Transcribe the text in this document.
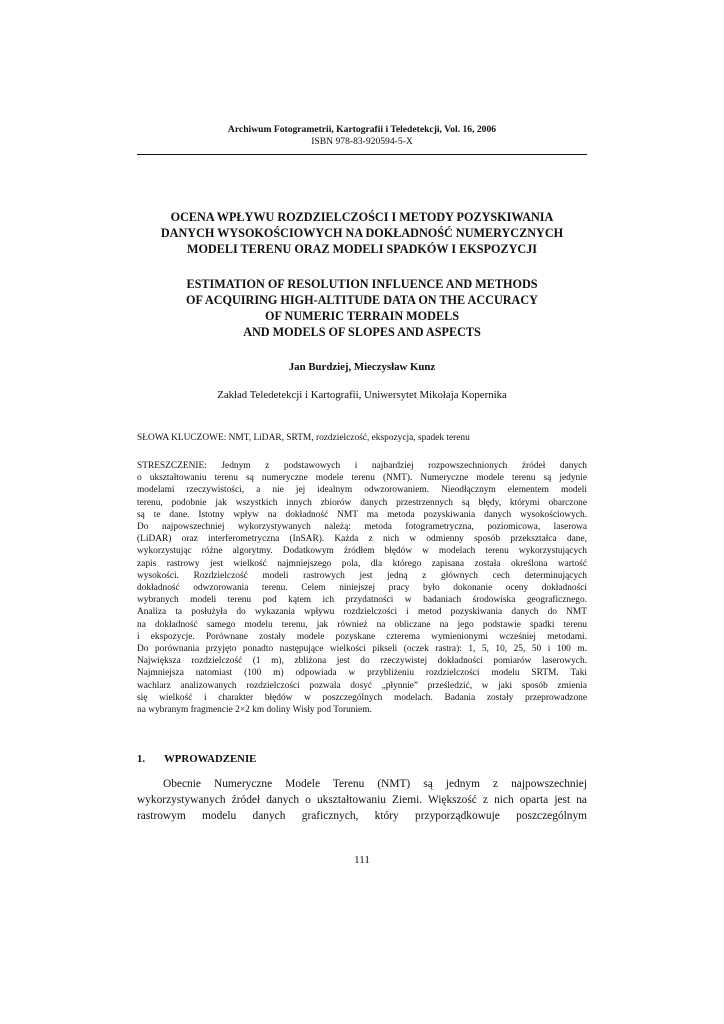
Archiwum Fotogrametrii, Kartografii i Teledetekcji, Vol. 16, 2006
ISBN 978-83-920594-5-X
OCENA WPŁYWU ROZDZIELCZOŚCI I METODY POZYSKIWANIA
DANYCH WYSOKOŚCIOWYCH NA DOKŁADNOŚĆ NUMERYCZNYCH
MODELI TERENU ORAZ MODELI SPADKÓW I EKSPOZYCJI
ESTIMATION OF RESOLUTION INFLUENCE AND METHODS
OF ACQUIRING HIGH-ALTITUDE DATA ON THE ACCURACY
OF NUMERIC TERRAIN MODELS
AND MODELS OF SLOPES AND ASPECTS
Jan Burdziej, Mieczysław Kunz
Zakład Teledetekcji i Kartografii, Uniwersytet Mikołaja Kopernika
SŁOWA KLUCZOWE: NMT, LiDAR, SRTM, rozdzielczość, ekspozycja, spadek terenu
STRESZCZENIE: Jednym z podstawowych i najbardziej rozpowszechnionych źródeł danych
o ukształtowaniu terenu są numeryczne modele terenu (NMT). Numeryczne modele terenu są jedynie
modelami rzeczywistości, a nie jej idealnym odwzorowaniem. Nieodłącznym elementem modeli
terenu, podobnie jak wszystkich innych zbiorów danych przestrzennych są błędy, którymi obarczone
są te dane. Istotny wpływ na dokładność NMT ma metoda pozyskiwania danych wysokościowych.
Do najpowszechniej wykorzystywanych należą: metoda fotogrametryczna, poziomicowa, laserowa
(LiDAR) oraz interferometryczna (InSAR). Każda z nich w odmienny sposób przekształca dane,
wykorzystując różne algorytmy. Dodatkowym źródłem błędów w modelach terenu wykorzystujących
zapis rastrowy jest wielkość najmniejszego pola, dla którego zapisana została określona wartość
wysokości. Rozdzielczość modeli rastrowych jest jedną z głównych cech determinujących
dokładność odwzorowania terenu. Celem niniejszej pracy było dokonanie oceny dokładności
wybranych modeli terenu pod kątem ich przydatności w badaniach środowiska geograficznego.
Analiza ta posłużyła do wykazania wpływu rozdzielczości i metod pozyskiwania danych do NMT
na dokładność samego modelu terenu, jak również na obliczane na jego podstawie spadki terenu
i ekspozycje. Porównane zostały modele pozyskane czterema wymienionymi wcześniej metodami.
Do porównania przyjęto ponadto następujące wielkości pikseli (oczek rastra): 1, 5, 10, 25, 50 i 100 m.
Największa rozdzielczość (1 m), zbliżona jest do rzeczywistej dokładności pomiarów laserowych.
Najmniejsza natomiast (100 m) odpowiada w przybliżeniu rozdzielczości modelu SRTM. Taki
wachlarz analizowanych rozdzielczości pozwala dosyć „płynnie” prześledzić, w jaki sposób zmienia
się wielkość i charakter błędów w poszczególnych modelach. Badania zostały przeprowadzone
na wybranym fragmencie 2×2 km doliny Wisły pod Toruniem.
1. WPROWADZENIE
Obecnie Numeryczne Modele Terenu (NMT) są jednym z najpowszechniej
wykorzystywanych źródeł danych o ukształtowaniu Ziemi. Większość z nich oparta jest na
rastrowym modelu danych graficznych, który przyporządkowuje poszczególnym
111
